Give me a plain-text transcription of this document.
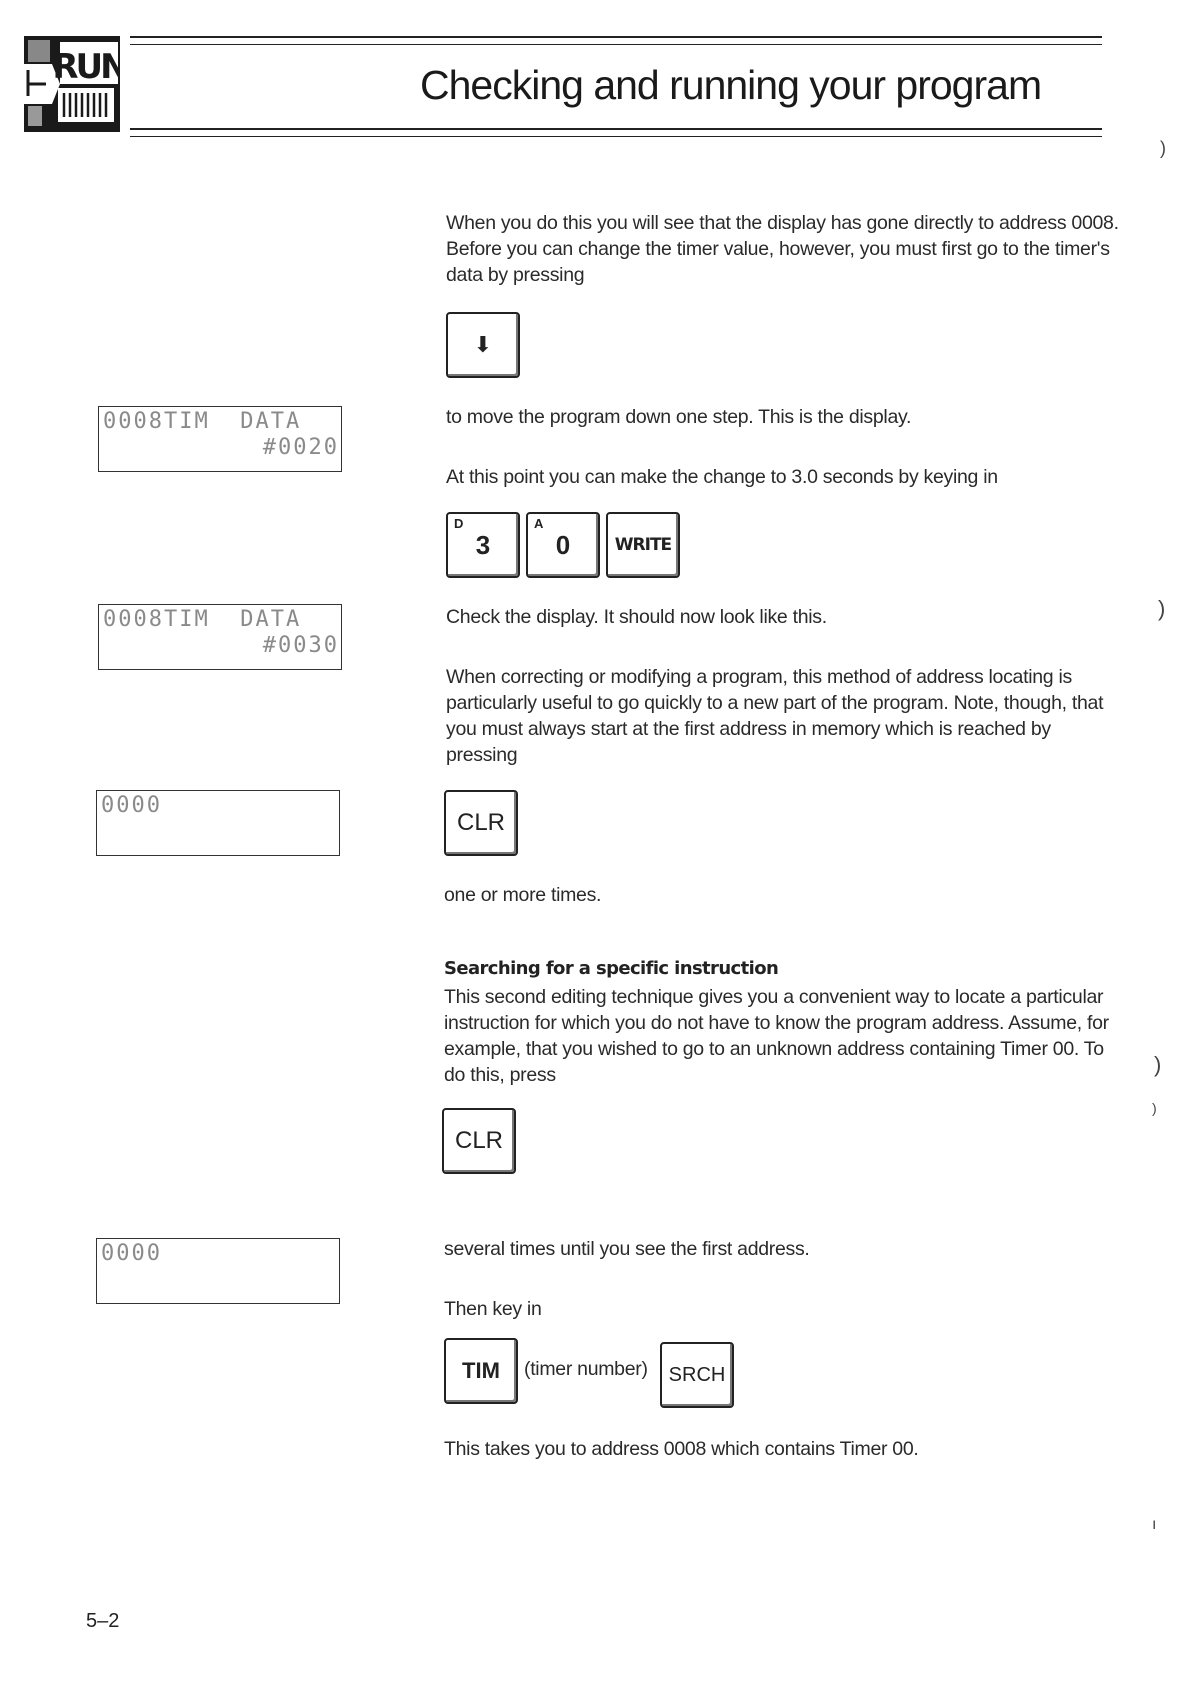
RUN	Checking and running your program
When you do this you will see that the display has gone directly to address 0008. Before you can change the timer value, however, you must first go to the timer's data by pressing
⬇
0008TIM  DATA
#0020
to move the program down one step. This is the display.
At this point you can make the change to 3.0 seconds by keying in
D
3
A
0	WRITE
0008TIM  DATA
#0030
Check the display. It should now look like this.
When correcting or modifying a program, this method of address locating is particularly useful to go quickly to a new part of the program. Note, though, that you must always start at the first address in memory which is reached by pressing
0000
CLR
one or more times.
Searching for a specific instruction
This second editing technique gives you a convenient way to locate a particular instruction for which you do not have to know the program address. Assume, for example, that you wished to go to an unknown address containing Timer 00. To do this, press
CLR
0000	several times until you see the first address.
Then key in
TIM (timer number)	SRCH
This takes you to address 0008 which contains Timer 00.
)
)
)
)
ı
5–2
